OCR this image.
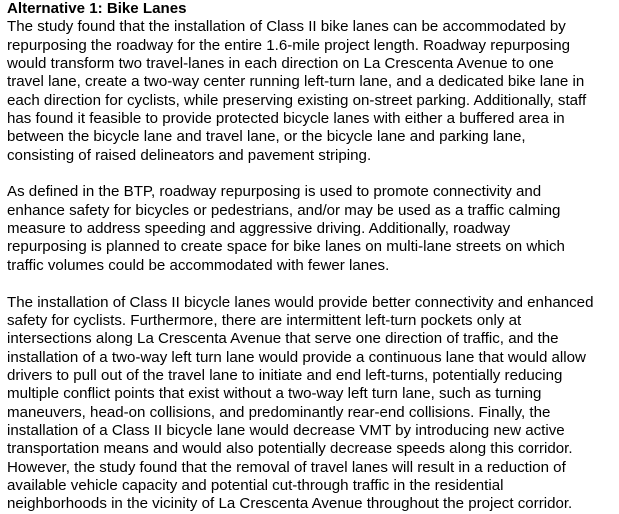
Alternative 1: Bike Lanes
The study found that the installation of Class II bike lanes can be accommodated by
repurposing the roadway for the entire 1.6-mile project length. Roadway repurposing
would transform two travel-lanes in each direction on La Crescenta Avenue to one
travel lane, create a two-way center running left-turn lane, and a dedicated bike lane in
each direction for cyclists, while preserving existing on-street parking. Additionally, staff
has found it feasible to provide protected bicycle lanes with either a buffered area in
between the bicycle lane and travel lane, or the bicycle lane and parking lane,
consisting of raised delineators and pavement striping.
As defined in the BTP, roadway repurposing is used to promote connectivity and
enhance safety for bicycles or pedestrians, and/or may be used as a traffic calming
measure to address speeding and aggressive driving. Additionally, roadway
repurposing is planned to create space for bike lanes on multi-lane streets on which
traffic volumes could be accommodated with fewer lanes.
The installation of Class II bicycle lanes would provide better connectivity and enhanced
safety for cyclists. Furthermore, there are intermittent left-turn pockets only at
intersections along La Crescenta Avenue that serve one direction of traffic, and the
installation of a two-way left turn lane would provide a continuous lane that would allow
drivers to pull out of the travel lane to initiate and end left-turns, potentially reducing
multiple conflict points that exist without a two-way left turn lane, such as turning
maneuvers, head-on collisions, and predominantly rear-end collisions. Finally, the
installation of a Class II bicycle lane would decrease VMT by introducing new active
transportation means and would also potentially decrease speeds along this corridor.
However, the study found that the removal of travel lanes will result in a reduction of
available vehicle capacity and potential cut-through traffic in the residential
neighborhoods in the vicinity of La Crescenta Avenue throughout the project corridor.
